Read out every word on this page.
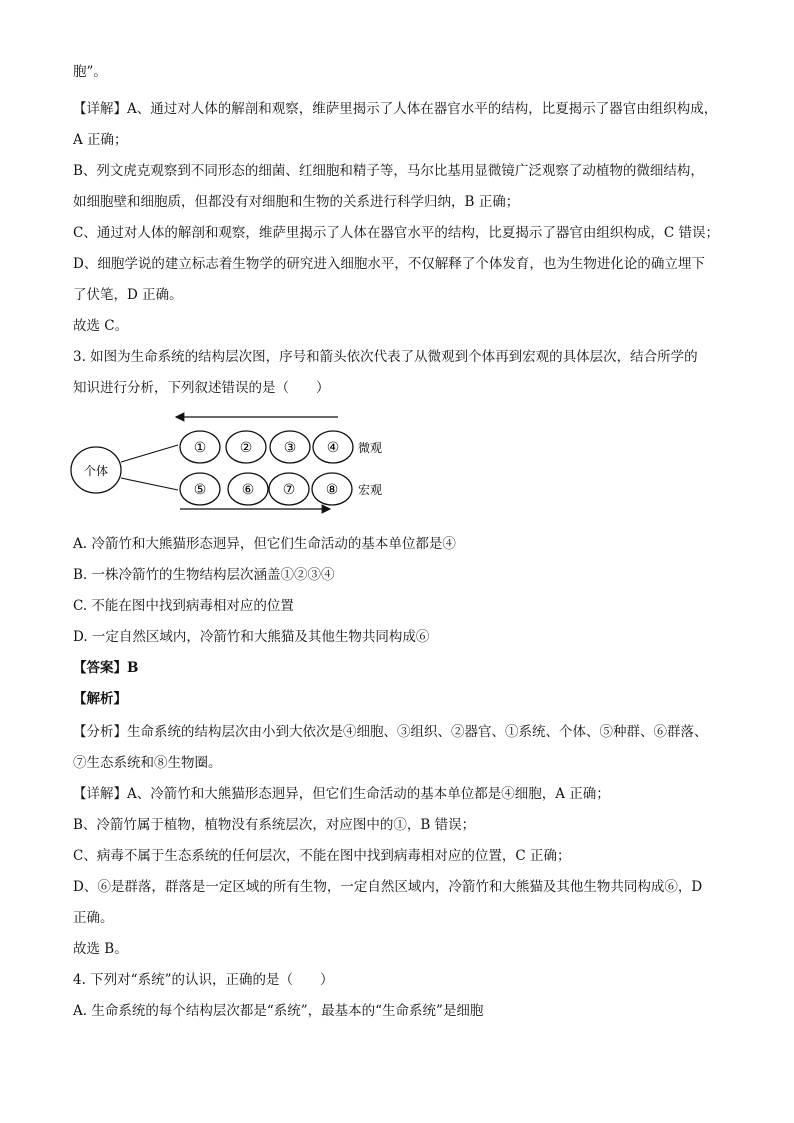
胞”。
【详解】A、通过对人体的解剖和观察，维萨里揭示了人体在器官水平的结构，比夏揭示了器官由组织构成，
A 正确；
B、列文虎克观察到不同形态的细菌、红细胞和精子等，马尔比基用显微镜广泛观察了动植物的微细结构，
如细胞壁和细胞质，但都没有对细胞和生物的关系进行科学归纳，B 正确；
C、通过对人体的解剖和观察，维萨里揭示了人体在器官水平的结构，比夏揭示了器官由组织构成，C 错误；
D、细胞学说的建立标志着生物学的研究进入细胞水平，不仅解释了个体发育，也为生物进化论的确立埋下
了伏笔，D 正确。
故选 C。
3. 如图为生命系统的结构层次图，序号和箭头依次代表了从微观到个体再到宏观的具体层次，结合所学的
知识进行分析，下列叙述错误的是（　　）
个体
① ② ③ ④ 微观
⑤	⑥ ⑦ ⑧ 宏观
A. 冷箭竹和大熊猫形态迥异，但它们生命活动的基本单位都是④
B. 一株冷箭竹的生物结构层次涵盖①②③④
C. 不能在图中找到病毒相对应的位置
D. 一定自然区域内，冷箭竹和大熊猫及其他生物共同构成⑥
【答案】B
【解析】
【分析】生命系统的结构层次由小到大依次是④细胞、③组织、②器官、①系统、个体、⑤种群、⑥群落、
⑦生态系统和⑧生物圈。
【详解】A、冷箭竹和大熊猫形态迥异，但它们生命活动的基本单位都是④细胞，A 正确；
B、冷箭竹属于植物，植物没有系统层次，对应图中的①，B 错误；
C、病毒不属于生态系统的任何层次，不能在图中找到病毒相对应的位置，C 正确；
D、⑥是群落，群落是一定区域的所有生物，一定自然区域内，冷箭竹和大熊猫及其他生物共同构成⑥，D
正确。
故选 B。
4. 下列对“系统”的认识，正确的是（　　）
A. 生命系统的每个结构层次都是“系统”，最基本的“生命系统”是细胞
